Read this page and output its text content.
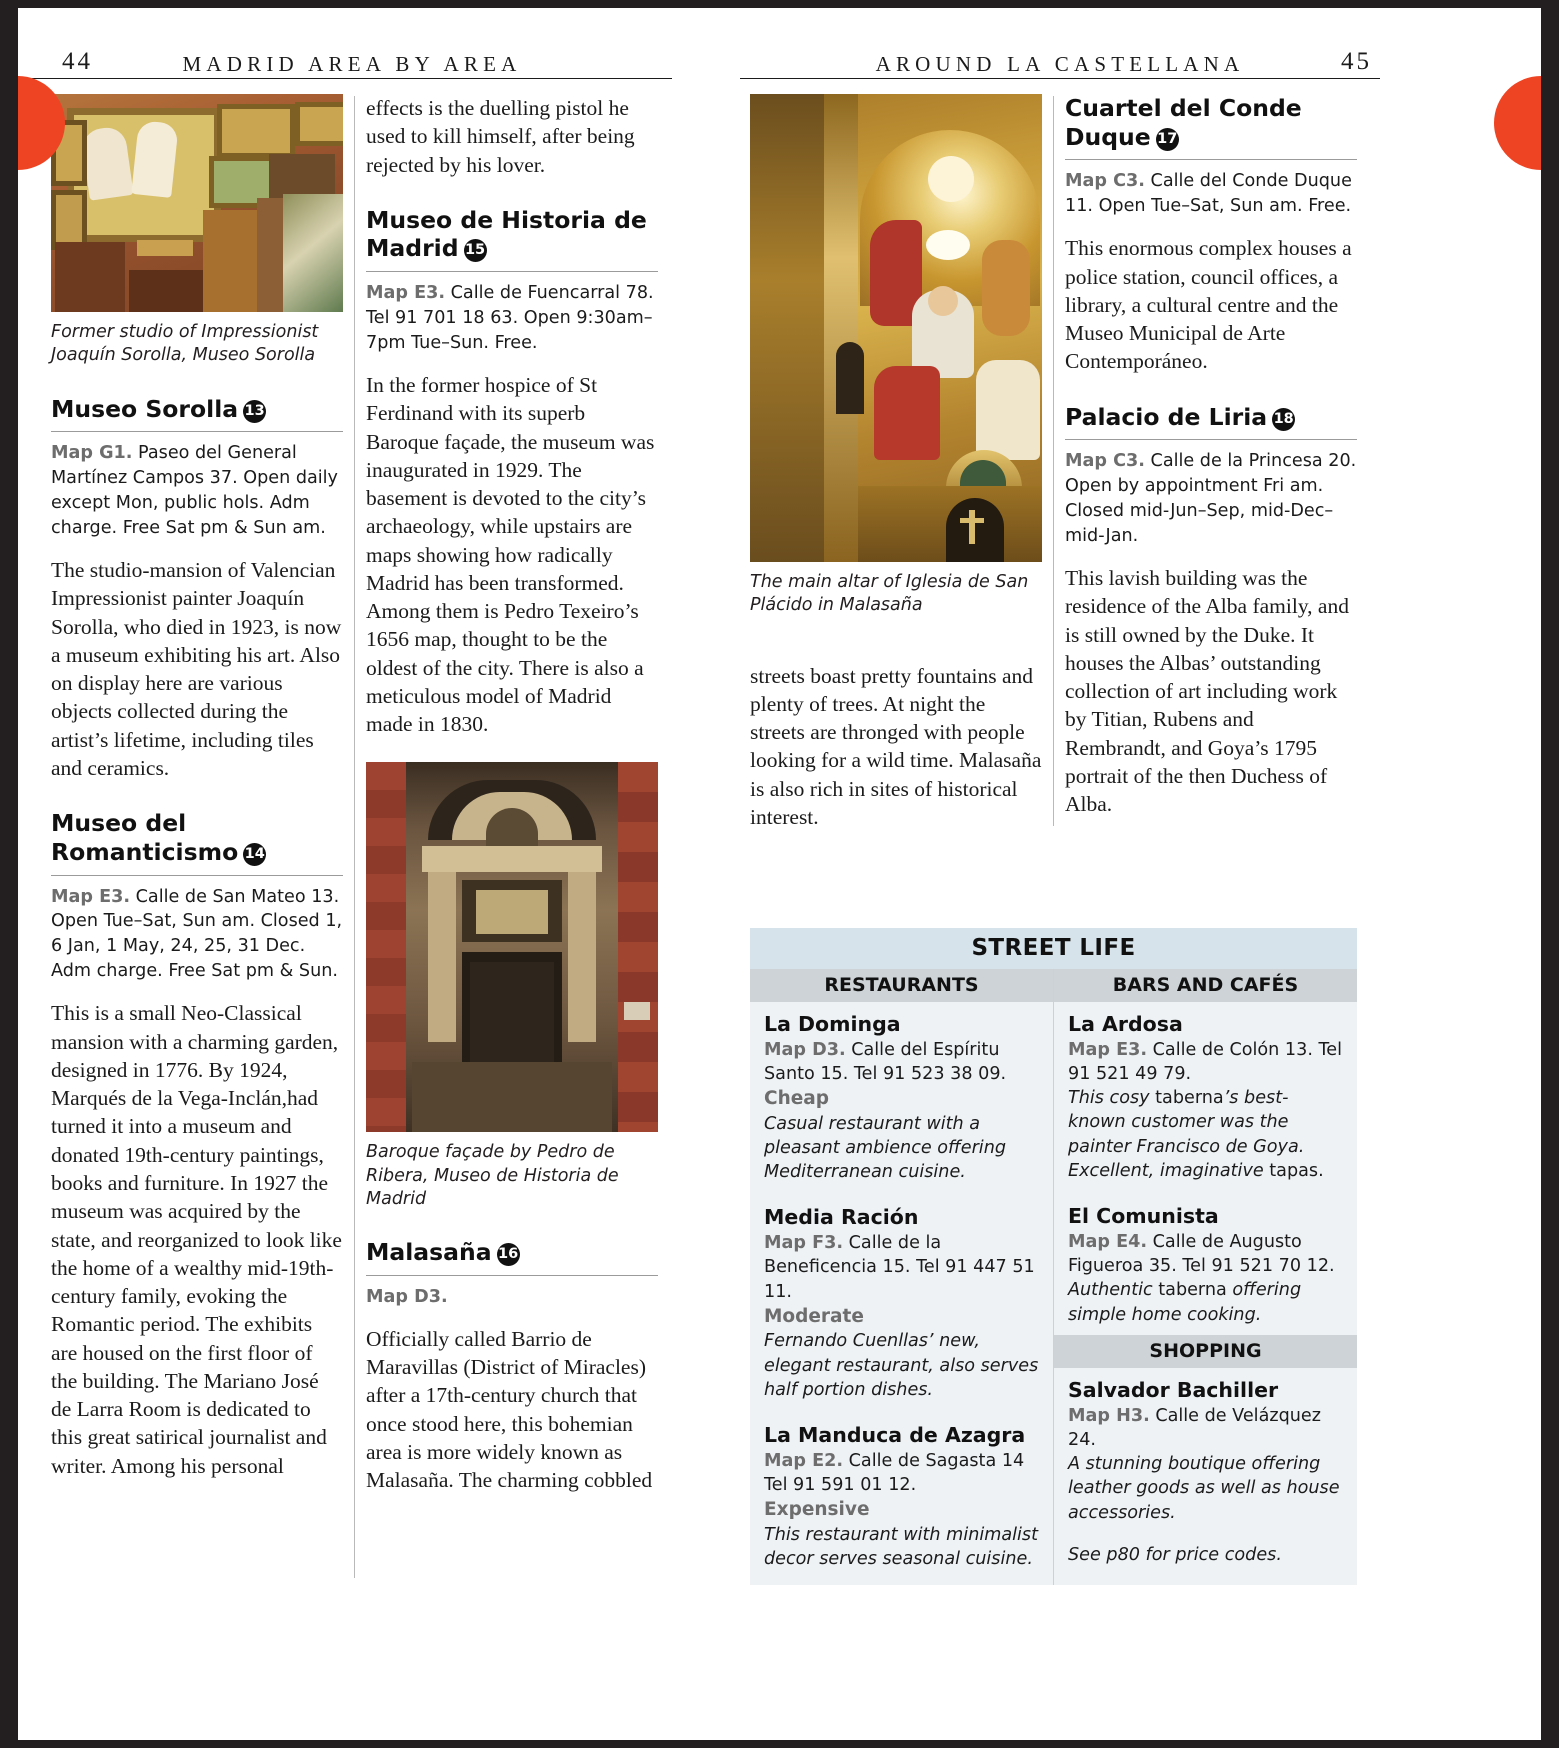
44	MADRID AREA BY AREA	45
AROUND LA CASTELLANA
Former studio of Impressionist Joaquín Sorolla, Museo Sorolla
Museo Sorolla 13

Map G1. Paseo del General Martínez Campos 37. Open daily except Mon, public hols. Adm charge. Free Sat pm & Sun am.

The studio-mansion of Valencian Impressionist painter Joaquín Sorolla, who died in 1923, is now a museum exhibiting his art. Also on display here are various objects collected during the artist’s lifetime, including tiles and ceramics.

Museo del Romanticismo 14

Map E3. Calle de San Mateo 13. Open Tue–Sat, Sun am. Closed 1, 6 Jan, 1 May, 24, 25, 31 Dec. Adm charge. Free Sat pm & Sun.

This is a small Neo-Classical mansion with a charming garden, designed in 1776. By 1924, Marqués de la Vega-Inclán,had turned it into a museum and donated 19th-century paintings, books and furniture. In 1927 the museum was acquired by the state, and reorganized to look like the home of a wealthy mid-19th-century family, evoking the Romantic period. The exhibits are housed on the first floor of the building. The Mariano José de Larra Room is dedicated to this great satirical journalist and writer. Among his personal

effects is the duelling pistol he used to kill himself, after being rejected by his lover.

Museo de Historia de Madrid 15

Map E3. Calle de Fuencarral 78. Tel 91 701 18 63. Open 9:30am–7pm Tue–Sun. Free.

In the former hospice of St Ferdinand with its superb Baroque façade, the museum was inaugurated in 1929. The basement is devoted to the city’s archaeology, while upstairs are maps showing how radically Madrid has been transformed. Among them is Pedro Texeiro’s 1656 map, thought to be the oldest of the city. There is also a meticulous model of Madrid made in 1830.

Baroque façade by Pedro de Ribera, Museo de Historia de Madrid
Malasaña 16

Map D3.

Officially called Barrio de Maravillas (District of Miracles) after a 17th-century church that once stood here, this bohemian area is more widely known as Malasaña. The charming cobbled

The main altar of Iglesia de San Plácido in Malasaña

streets boast pretty fountains and plenty of trees. At night the streets are thronged with people looking for a wild time. Malasaña is also rich in sites of historical interest.

Cuartel del Conde Duque 17

Map C3. Calle del Conde Duque 11. Open Tue–Sat, Sun am. Free.

This enormous complex houses a police station, council offices, a library, a cultural centre and the Museo Municipal de Arte Contemporáneo.

Palacio de Liria 18

Map C3. Calle de la Princesa 20. Open by appointment Fri am. Closed mid-Jun–Sep, mid-Dec–mid-Jan.

This lavish building was the residence of the Alba family, and is still owned by the Duke. It houses the Albas’ outstanding collection of art including work by Titian, Rubens and Rembrandt, and Goya’s 1795 portrait of the then Duchess of Alba.

STREET LIFE
RESTAURANTS
La Dominga
Map D3. Calle del Espíritu Santo 15. Tel 91 523 38 09.
Cheap
Casual restaurant with a pleasant ambience offering Mediterranean cuisine.
Media Ración
Map F3. Calle de la Beneficencia 15. Tel 91 447 51 11.
Moderate
Fernando Cuenllas’ new, elegant restaurant, also serves half portion dishes.
La Manduca de Azagra
Map E2. Calle de Sagasta 14 Tel 91 591 01 12.
Expensive
This restaurant with minimalist decor serves seasonal cuisine.
BARS AND CAFÉS
La Ardosa
Map E3. Calle de Colón 13. Tel 91 521 49 79.
This cosy taberna’s best-known customer was the painter Francisco de Goya. Excellent, imaginative tapas.
El Comunista
Map E4. Calle de Augusto Figueroa 35. Tel 91 521 70 12.
Authentic taberna offering simple home cooking.
SHOPPING
Salvador Bachiller
Map H3. Calle de Velázquez 24.
A stunning boutique offering leather goods as well as house accessories.
See p80 for price codes.
